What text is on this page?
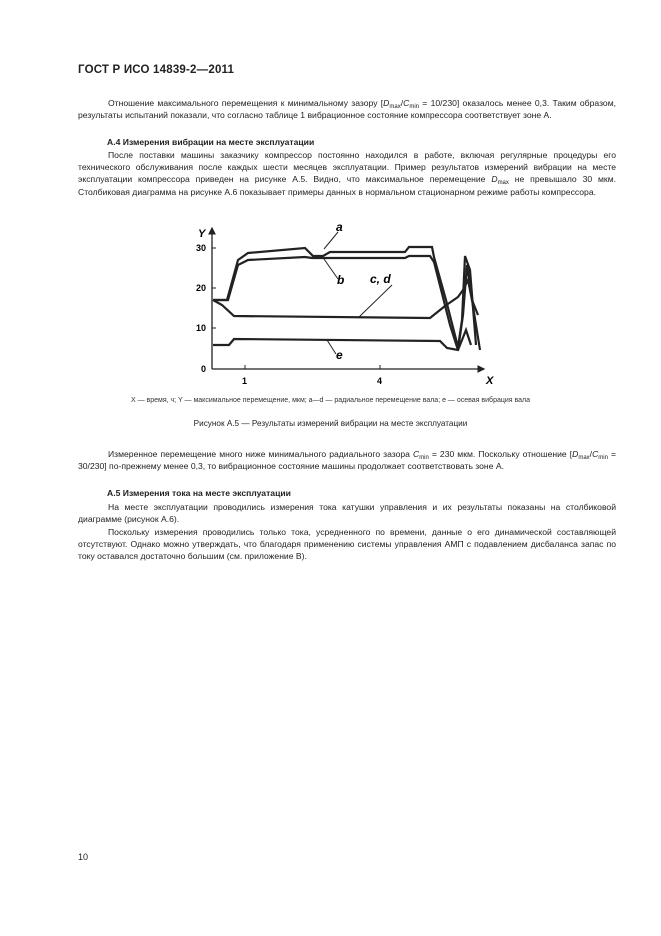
ГОСТ Р ИСО 14839-2—2011

Отношение максимального перемещения к минимальному зазору $[D_{max}/C_{min} = 10/230]$ оказалось менее 0,3. Таким образом, результаты испытаний показали, что согласно таблице 1 вибрационное состояние компрессора соответствует зоне A.

A.4 Измерения вибрации на месте эксплуатации

После поставки машины заказчику компрессор постоянно находился в работе, включая регулярные процедуры его технического обслуживания после каждых шести месяцев эксплуатации. Пример результатов измерений вибрации на месте эксплуатации компрессора приведен на рисунке A.5. Видно, что максимальное перемещение $D_{max}$ не превышало 30 мкм. Столбиковая диаграмма на рисунке A.6 показывает примеры данных в нормальном стационарном режиме работы компрессора.

Y
X
30
20
10
0
1	4
a
b c, d
e
X — время, ч; Y — максимальное перемещение, мкм; a—d — радиальное перемещение вала; e — осевая вибрация вала
Рисунок A.5 — Результаты измерений вибрации на месте эксплуатации

Измеренное перемещение много ниже минимального радиального зазора $C_{min} = 230$ мкм. Поскольку отношение $[D_{max}/C_{min} = 30/230]$ по-прежнему менее 0,3, то вибрационное состояние машины продолжает соответствовать зоне A.

A.5 Измерения тока на месте эксплуатации

На месте эксплуатации проводились измерения тока катушки управления и их результаты показаны на столбиковой диаграмме (рисунок A.6).

Поскольку измерения проводились только тока, усредненного по времени, данные о его динамической составляющей отсутствуют. Однако можно утверждать, что благодаря применению системы управления АМП с подавлением дисбаланса запас по току оставался достаточно большим (см. приложение B).

10
